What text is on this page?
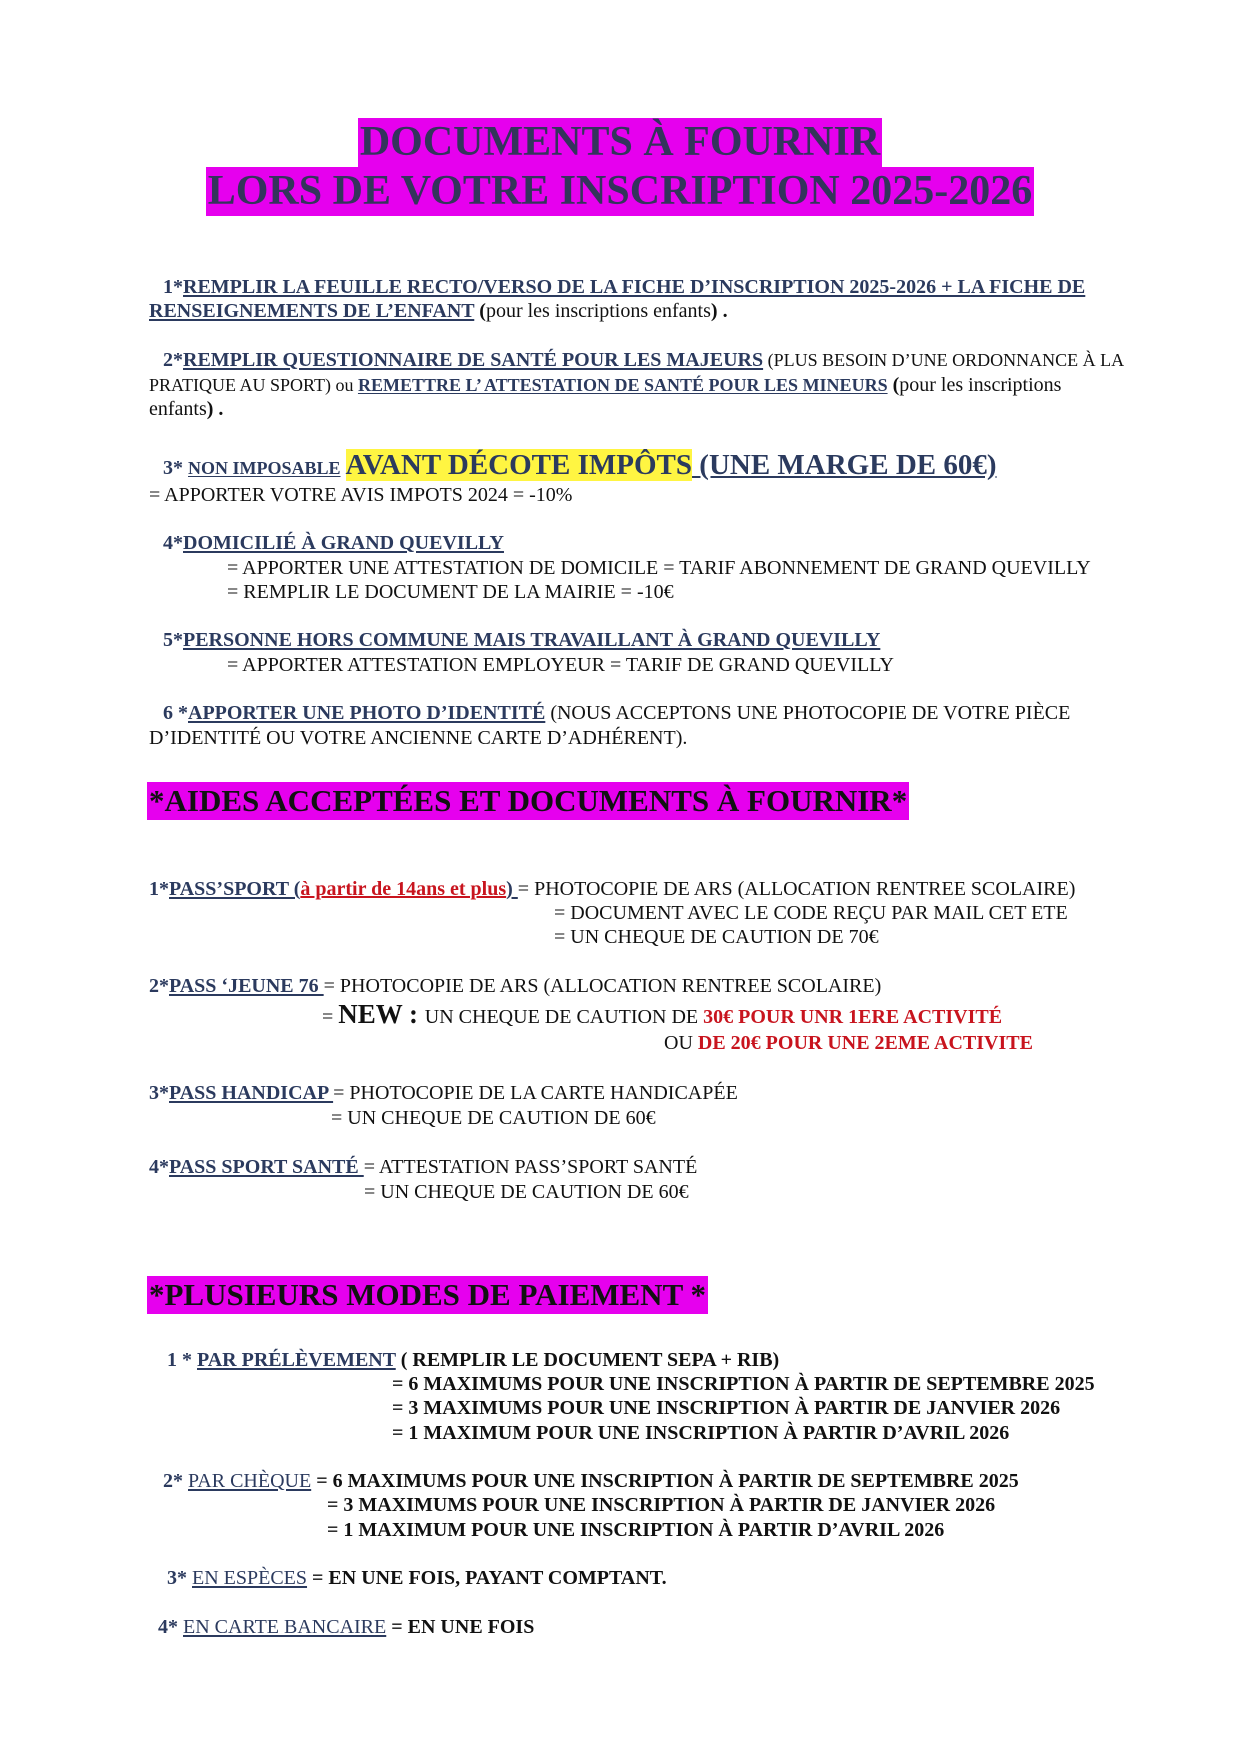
DOCUMENTS À FOURNIR
LORS DE VOTRE INSCRIPTION 2025-2026
1*REMPLIR LA FEUILLE RECTO/VERSO DE LA FICHE D’INSCRIPTION 2025-2026 + LA FICHE DE
RENSEIGNEMENTS DE L’ENFANT (pour les inscriptions enfants) .
2*REMPLIR QUESTIONNAIRE DE SANTÉ POUR LES MAJEURS (PLUS BESOIN D’UNE ORDONNANCE À LA
PRATIQUE AU SPORT) ou REMETTRE L’ ATTESTATION DE SANTÉ POUR LES MINEURS (pour les inscriptions
enfants) .
3* NON IMPOSABLE AVANT DÉCOTE IMPÔTS (UNE MARGE DE 60€)
= APPORTER VOTRE AVIS IMPOTS 2024 = -10%
4*DOMICILIÉ À GRAND QUEVILLY
= APPORTER UNE ATTESTATION DE DOMICILE = TARIF ABONNEMENT DE GRAND QUEVILLY
= REMPLIR LE DOCUMENT DE LA MAIRIE = -10€
5*PERSONNE HORS COMMUNE MAIS TRAVAILLANT À GRAND QUEVILLY
= APPORTER ATTESTATION EMPLOYEUR = TARIF DE GRAND QUEVILLY
6 *APPORTER UNE PHOTO D’IDENTITÉ (NOUS ACCEPTONS UNE PHOTOCOPIE DE VOTRE PIÈCE
D’IDENTITÉ OU VOTRE ANCIENNE CARTE D’ADHÉRENT).
*AIDES ACCEPTÉES ET DOCUMENTS À FOURNIR*
1*PASS’SPORT (à partir de 14ans et plus) = PHOTOCOPIE DE ARS (ALLOCATION RENTREE SCOLAIRE)
= DOCUMENT AVEC LE CODE REÇU PAR MAIL CET ETE
= UN CHEQUE DE CAUTION DE 70€
2*PASS ‘JEUNE 76 = PHOTOCOPIE DE ARS (ALLOCATION RENTREE SCOLAIRE)
= NEW : UN CHEQUE DE CAUTION DE 30€ POUR UNR 1ERE ACTIVITÉ
OU DE 20€ POUR UNE 2EME ACTIVITE
3*PASS HANDICAP = PHOTOCOPIE DE LA CARTE HANDICAPÉE
= UN CHEQUE DE CAUTION DE 60€
4*PASS SPORT SANTÉ = ATTESTATION PASS’SPORT SANTÉ
= UN CHEQUE DE CAUTION DE 60€
*PLUSIEURS MODES DE PAIEMENT *
1 * PAR PRÉLÈVEMENT ( REMPLIR LE DOCUMENT SEPA + RIB)
= 6 MAXIMUMS POUR UNE INSCRIPTION À PARTIR DE SEPTEMBRE 2025
= 3 MAXIMUMS POUR UNE INSCRIPTION À PARTIR DE JANVIER 2026
= 1 MAXIMUM POUR UNE INSCRIPTION À PARTIR D’AVRIL 2026
2* PAR CHÈQUE = 6 MAXIMUMS POUR UNE INSCRIPTION À PARTIR DE SEPTEMBRE 2025
= 3 MAXIMUMS POUR UNE INSCRIPTION À PARTIR DE JANVIER 2026
= 1 MAXIMUM POUR UNE INSCRIPTION À PARTIR D’AVRIL 2026
3* EN ESPÈCES = EN UNE FOIS, PAYANT COMPTANT.
4* EN CARTE BANCAIRE = EN UNE FOIS
